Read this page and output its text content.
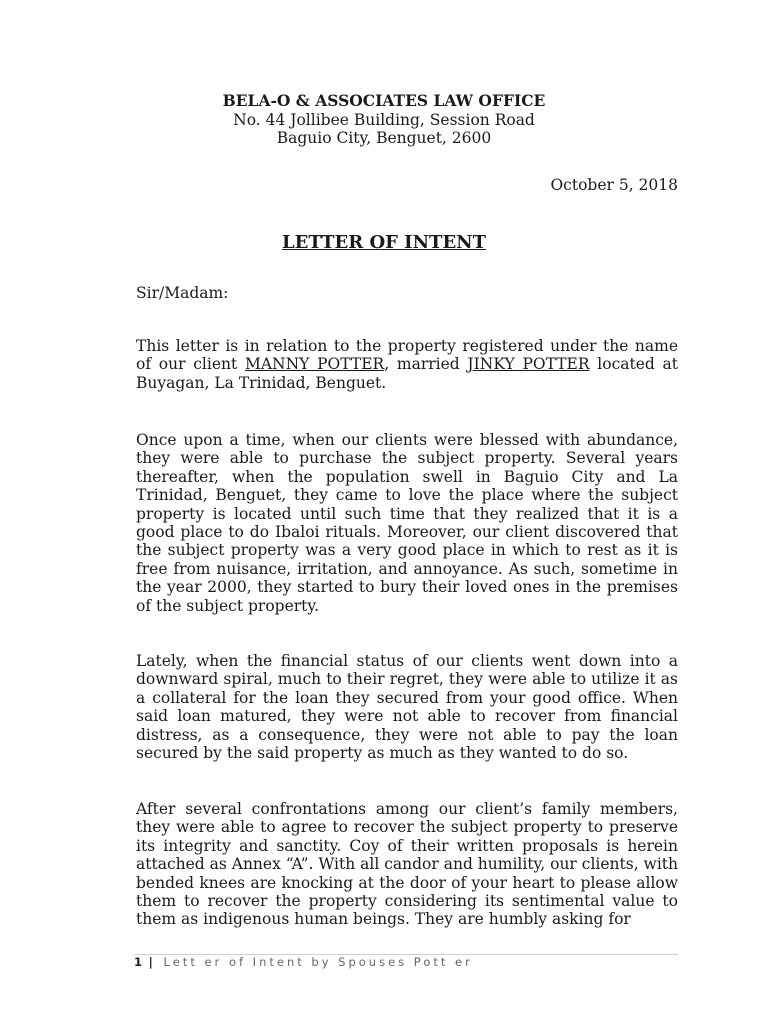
BELA-O & ASSOCIATES LAW OFFICE
No. 44 Jollibee Building, Session Road
Baguio City, Benguet, 2600
October 5, 2018
LETTER OF INTENT
Sir/Madam:

This letter is in relation to the property registered under the name of our client MANNY POTTER, married JINKY POTTER located at Buyagan, La Trinidad, Benguet.

Once upon a time, when our clients were blessed with abundance, they were able to purchase the subject property. Several years thereafter, when the population swell in Baguio City and La Trinidad, Benguet, they came to love the place where the subject property is located until such time that they realized that it is a good place to do Ibaloi rituals. Moreover, our client discovered that the subject property was a very good place in which to rest as it is free from nuisance, irritation, and annoyance. As such, sometime in the year 2000, they started to bury their loved ones in the premises of the subject property.

Lately, when the financial status of our clients went down into a downward spiral, much to their regret, they were able to utilize it as a collateral for the loan they secured from your good office. When said loan matured, they were not able to recover from financial distress, as a consequence, they were not able to pay the loan secured by the said property as much as they wanted to do so.

After several confrontations among our client’s family members, they were able to agree to recover the subject property to preserve its integrity and sanctity. Coy of their written proposals is herein attached as Annex “A”. With all candor and humility, our clients, with bended knees are knocking at the door of your heart to please allow them to recover the property considering its sentimental value to them as indigenous human beings. They are humbly asking for

1 | Lett er of Intent by Spouses Pott er
